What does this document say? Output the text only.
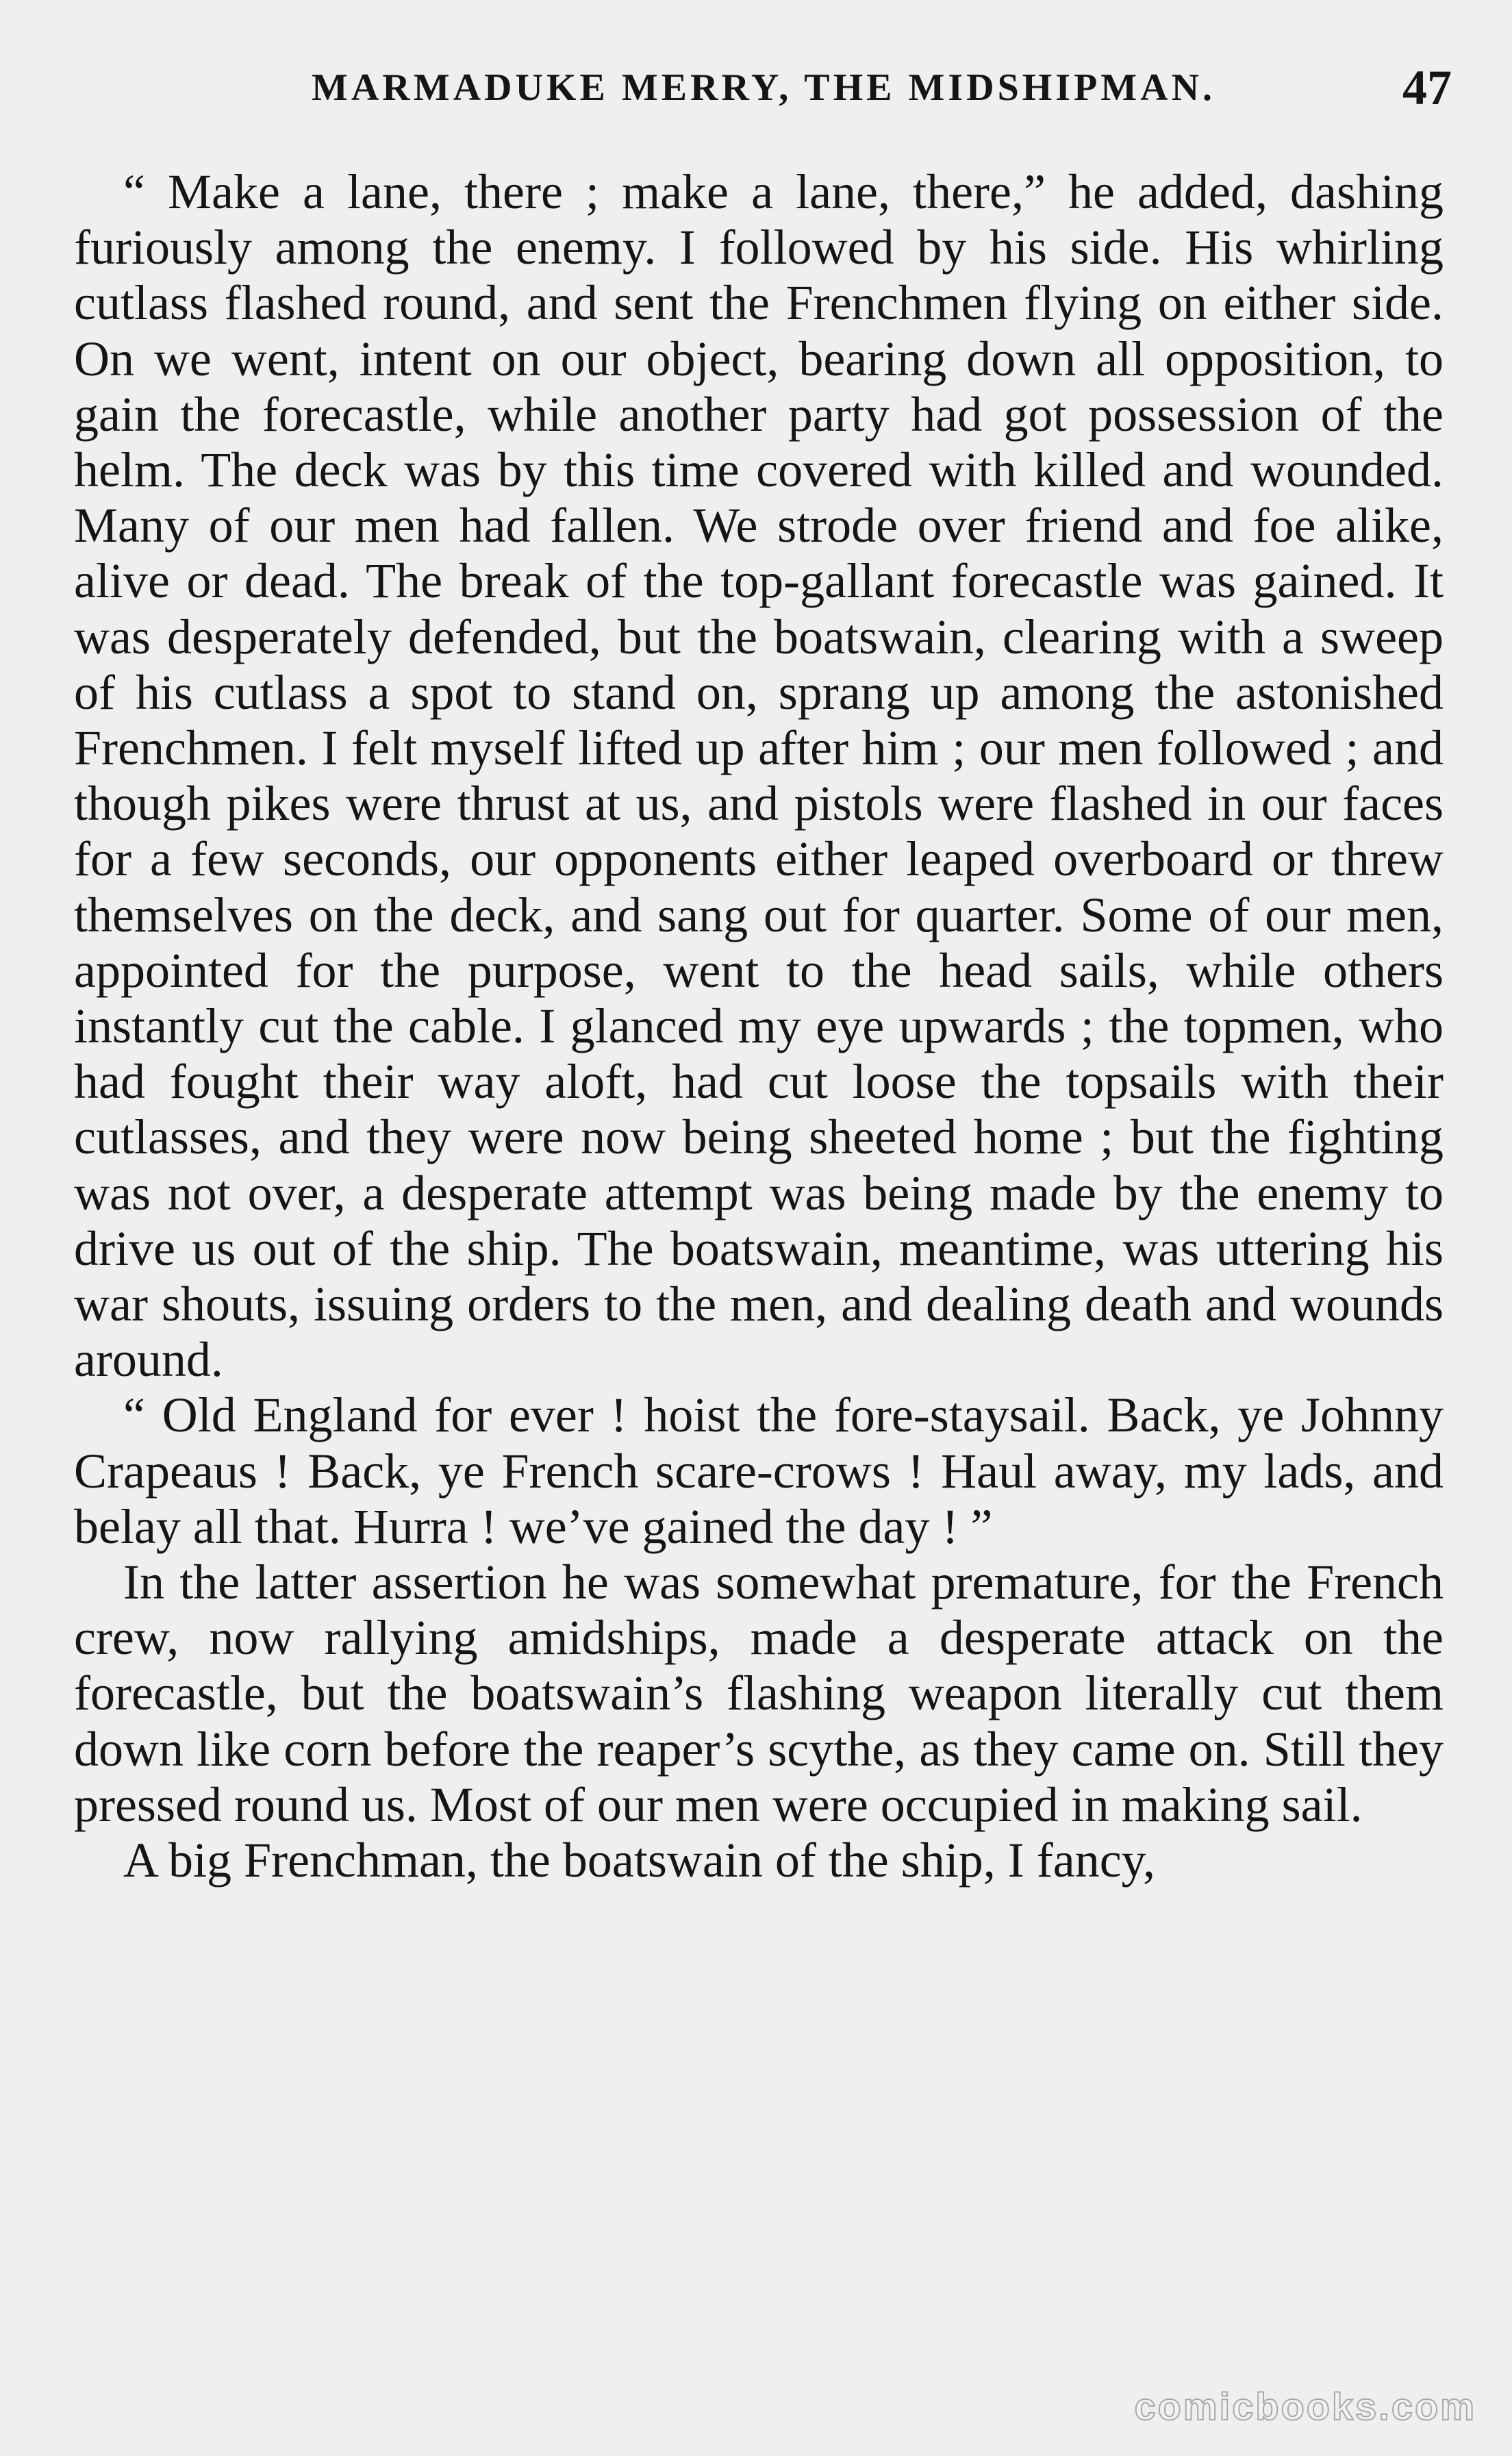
MARMADUKE MERRY, THE MIDSHIPMAN.	47

“ Make a lane, there ; make a lane, there,” he added, dashing furiously among the enemy. I followed by his side. His whirling cutlass flashed round, and sent the Frenchmen flying on either side. On we went, intent on our object, bearing down all opposition, to gain the forecastle, while another party had got possession of the helm. The deck was by this time covered with killed and wounded. Many of our men had fallen. We strode over friend and foe alike, alive or dead. The break of the top-gallant forecastle was gained. It was desperately defended, but the boatswain, clearing with a sweep of his cutlass a spot to stand on, sprang up among the astonished Frenchmen. I felt myself lifted up after him ; our men followed ; and though pikes were thrust at us, and pistols were flashed in our faces for a few seconds, our opponents either leaped overboard or threw themselves on the deck, and sang out for quarter. Some of our men, appointed for the purpose, went to the head sails, while others instantly cut the cable. I glanced my eye upwards ; the topmen, who had fought their way aloft, had cut loose the topsails with their cutlasses, and they were now being sheeted home ; but the fighting was not over, a desperate attempt was being made by the enemy to drive us out of the ship. The boatswain, meantime, was uttering his war shouts, issuing orders to the men, and dealing death and wounds around.

“ Old England for ever ! hoist the fore-staysail. Back, ye Johnny Crapeaus ! Back, ye French scare-crows ! Haul away, my lads, and belay all that. Hurra ! we’ve gained the day ! ”

In the latter assertion he was somewhat premature, for the French crew, now rallying amidships, made a desperate attack on the forecastle, but the boatswain’s flashing weapon literally cut them down like corn before the reaper’s scythe, as they came on. Still they pressed round us. Most of our men were occupied in making sail.

A big Frenchman, the boatswain of the ship, I fancy,

comicbooks.com
